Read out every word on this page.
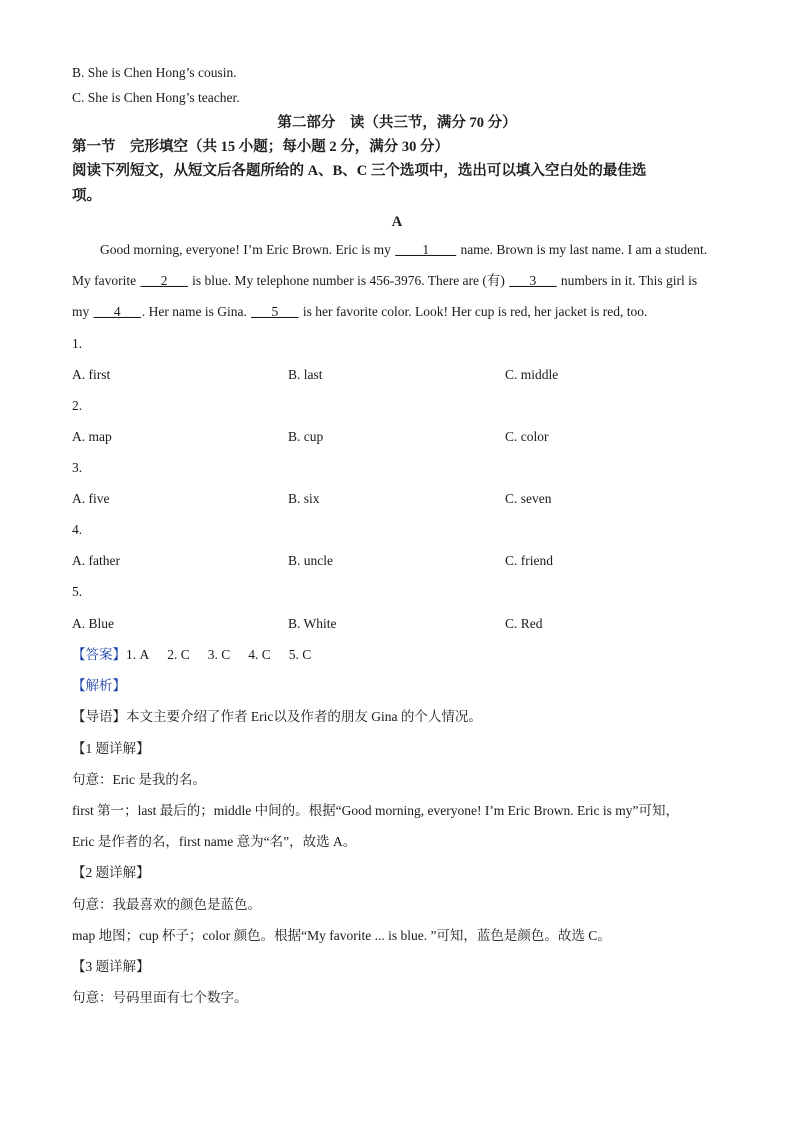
B. She is Chen Hong’s cousin.
C. She is Chen Hong’s teacher.
第二部分　读（共三节，满分 70 分）
第一节　完形填空（共 15 小题；每小题 2 分，满分 30 分）
阅读下列短文，从短文后各题所给的 A、B、C 三个选项中，选出可以填入空白处的最佳选
项。
A
Good morning, everyone! I’m Eric Brown. Eric is my ____1____ name. Brown is my last name. I am a student.
My favorite ___2___ is blue. My telephone number is 456-3976. There are (有) ___3___ numbers in it. This girl is
my ___4___. Her name is Gina. ___5___ is her favorite color. Look! Her cup is red, her jacket is red, too.
1.
A. first	B. last	C. middle
2.
A. map	B. cup	C. color
3.
A. five	B. six	C. seven
4.
A. father	B. uncle	C. friend
5.
A. Blue	B. White	C. Red
【答案】1. A 2. C 3. C 4. C 5. C
【解析】
【导语】本文主要介绍了作者 Eric以及作者的朋友 Gina 的个人情况。
【1 题详解】
句意：Eric 是我的名。
first 第一；last 最后的；middle 中间的。根据“Good morning, everyone! I’m Eric Brown. Eric is my”可知，
Eric 是作者的名，first name 意为“名”，故选 A。
【2 题详解】
句意：我最喜欢的颜色是蓝色。
map 地图；cup 杯子；color 颜色。根据“My favorite ... is blue. ”可知，蓝色是颜色。故选 C。
【3 题详解】
句意：号码里面有七个数字。
